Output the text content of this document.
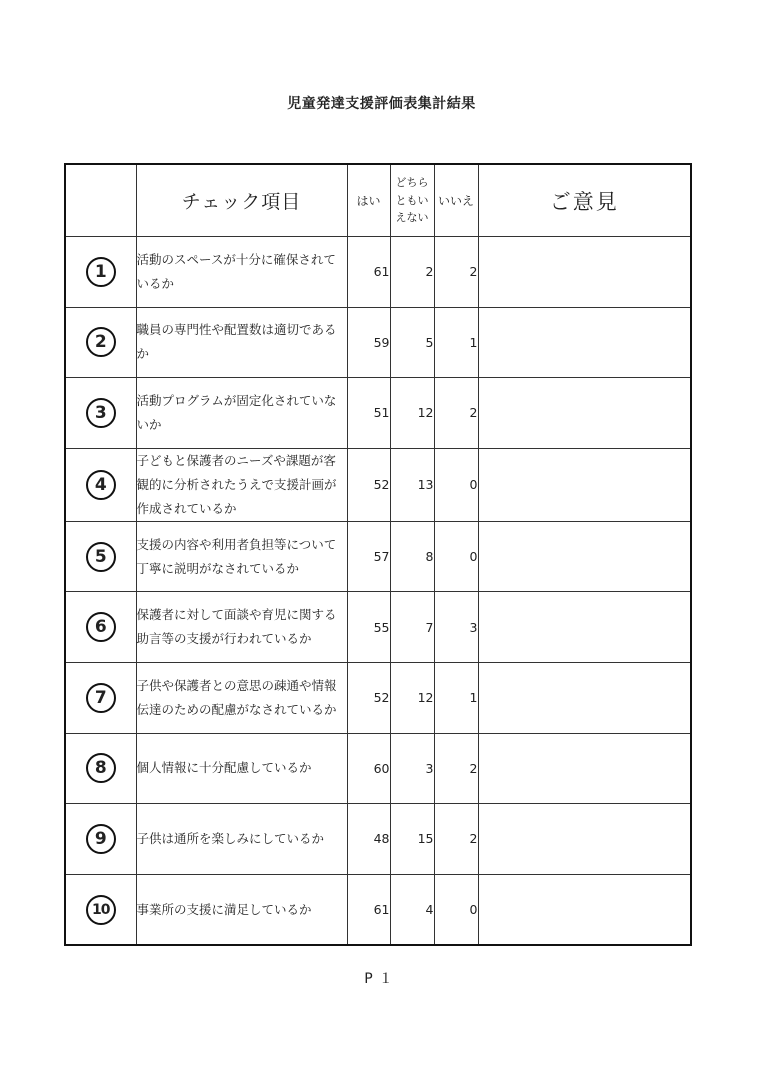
児童発達支援評価表集計結果
	チェック項目	はい	どちらともいえない	いいえ	ご意見
1	活動のスペースが十分に確保されているか	61	2	2	
2	職員の専門性や配置数は適切であるか	59	5	1	
3	活動プログラムが固定化されていないか	51	12	2	
4	子どもと保護者のニーズや課題が客観的に分析されたうえで支援計画が作成されているか	52	13	0	
5	支援の内容や利用者負担等について丁寧に説明がなされているか	57	8	0	
6	保護者に対して面談や育児に関する助言等の支援が行われているか	55	7	3	
7	子供や保護者との意思の疎通や情報伝達のための配慮がなされているか	52	12	1	
8	個人情報に十分配慮しているか	60	3	2	
9	子供は通所を楽しみにしているか	48	15	2	
10	事業所の支援に満足しているか	61	4	0	
P１
